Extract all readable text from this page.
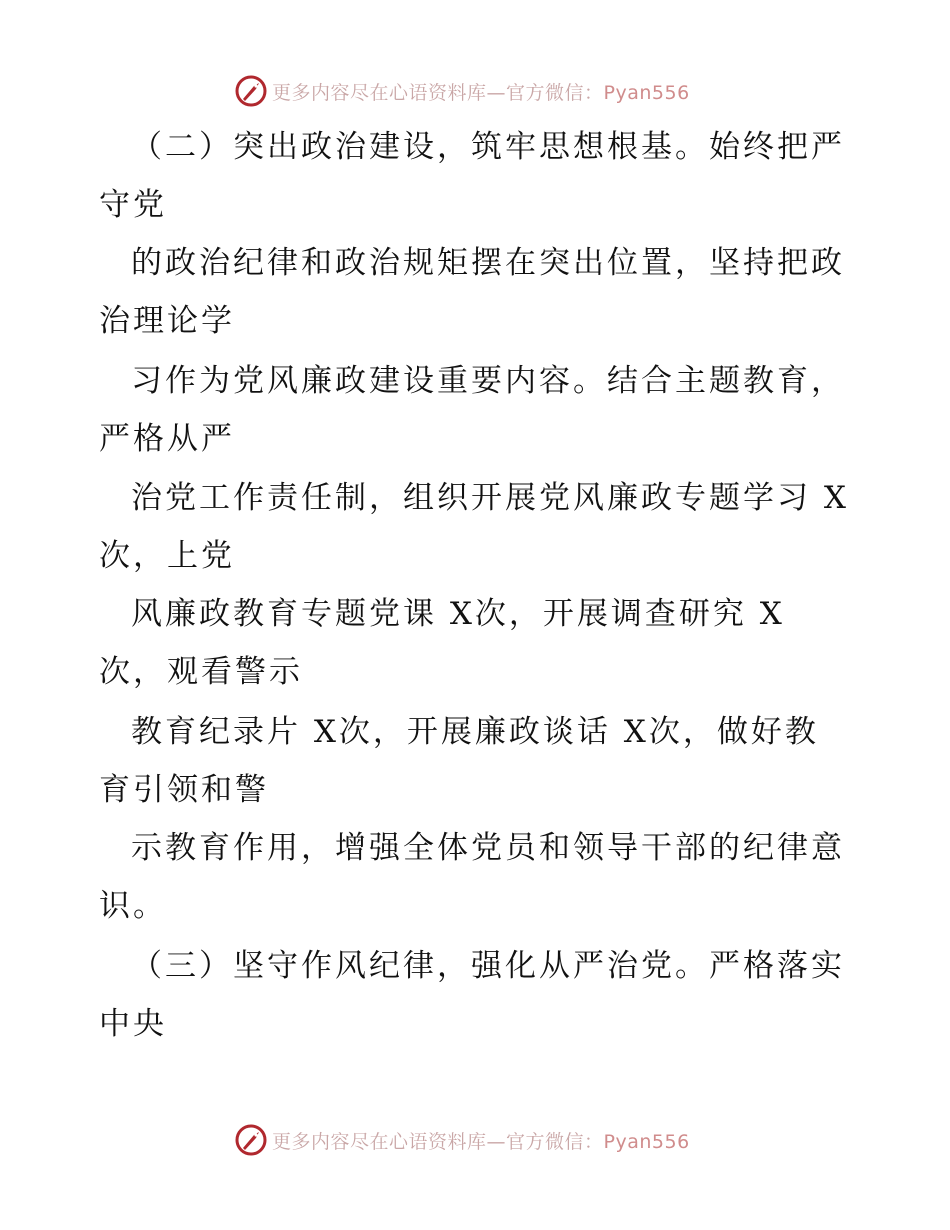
更多内容尽在心语资料库—官方微信：Pyan556
（二）突出政治建设，筑牢思想根基。始终把严
守党
的政治纪律和政治规矩摆在突出位置，坚持把政
治理论学
习作为党风廉政建设重要内容。结合主题教育，
严格从严
治党工作责任制，组织开展党风廉政专题学习 X
次，上党
风廉政教育专题党课 X次，开展调查研究 X
次，观看警示
教育纪录片 X次，开展廉政谈话 X次，做好教
育引领和警
示教育作用，增强全体党员和领导干部的纪律意
识。
（三）坚守作风纪律，强化从严治党。严格落实
中央
更多内容尽在心语资料库—官方微信：Pyan556
